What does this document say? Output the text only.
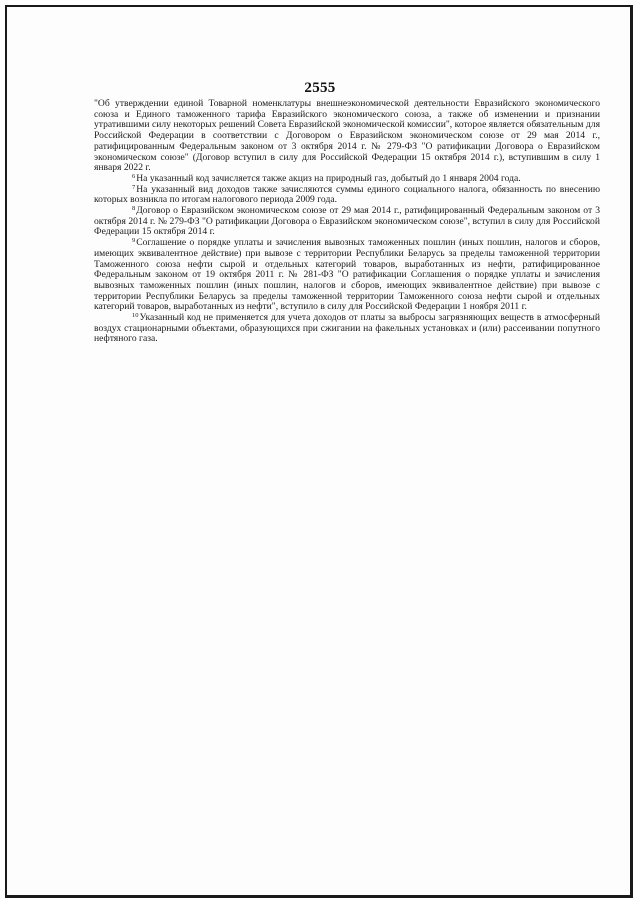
2555

"Об утверждении единой Товарной номенклатуры внешнеэкономической деятельности Евразийского экономического союза и Единого таможенного тарифа Евразийского экономического союза, а также об изменении и признании утратившими силу некоторых решений Совета Евразийской экономической комиссии", которое является обязательным для Российской Федерации в соответствии с Договором о Евразийском экономическом союзе от 29 мая 2014 г., ратифицированным Федеральным законом от 3 октября 2014 г. № 279-ФЗ "О ратификации Договора о Евразийском экономическом союзе" (Договор вступил в силу для Российской Федерации 15 октября 2014 г.), вступившим в силу 1 января 2022 г.

$^6$На указанный код зачисляется также акциз на природный газ, добытый до 1 января 2004 года.

$^7$На указанный вид доходов также зачисляются суммы единого социального налога, обязанность по внесению которых возникла по итогам налогового периода 2009 года.

$^8$Договор о Евразийском экономическом союзе от 29 мая 2014 г., ратифицированный Федеральным законом от 3 октября 2014 г. № 279-ФЗ "О ратификации Договора о Евразийском экономическом союзе", вступил в силу для Российской Федерации 15 октября 2014 г.

$^9$Соглашение о порядке уплаты и зачисления вывозных таможенных пошлин (иных пошлин, налогов и сборов, имеющих эквивалентное действие) при вывозе с территории Республики Беларусь за пределы таможенной территории Таможенного союза нефти сырой и отдельных категорий товаров, выработанных из нефти, ратифицированное Федеральным законом от 19 октября 2011 г. № 281-ФЗ "О ратификации Соглашения о порядке уплаты и зачисления вывозных таможенных пошлин (иных пошлин, налогов и сборов, имеющих эквивалентное действие) при вывозе с территории Республики Беларусь за пределы таможенной территории Таможенного союза нефти сырой и отдельных категорий товаров, выработанных из нефти", вступило в силу для Российской Федерации 1 ноября 2011 г.

$^{10}$Указанный код не применяется для учета доходов от платы за выбросы загрязняющих веществ в атмосферный воздух стационарными объектами, образующихся при сжигании на факельных установках и (или) рассеивании попутного нефтяного газа.
